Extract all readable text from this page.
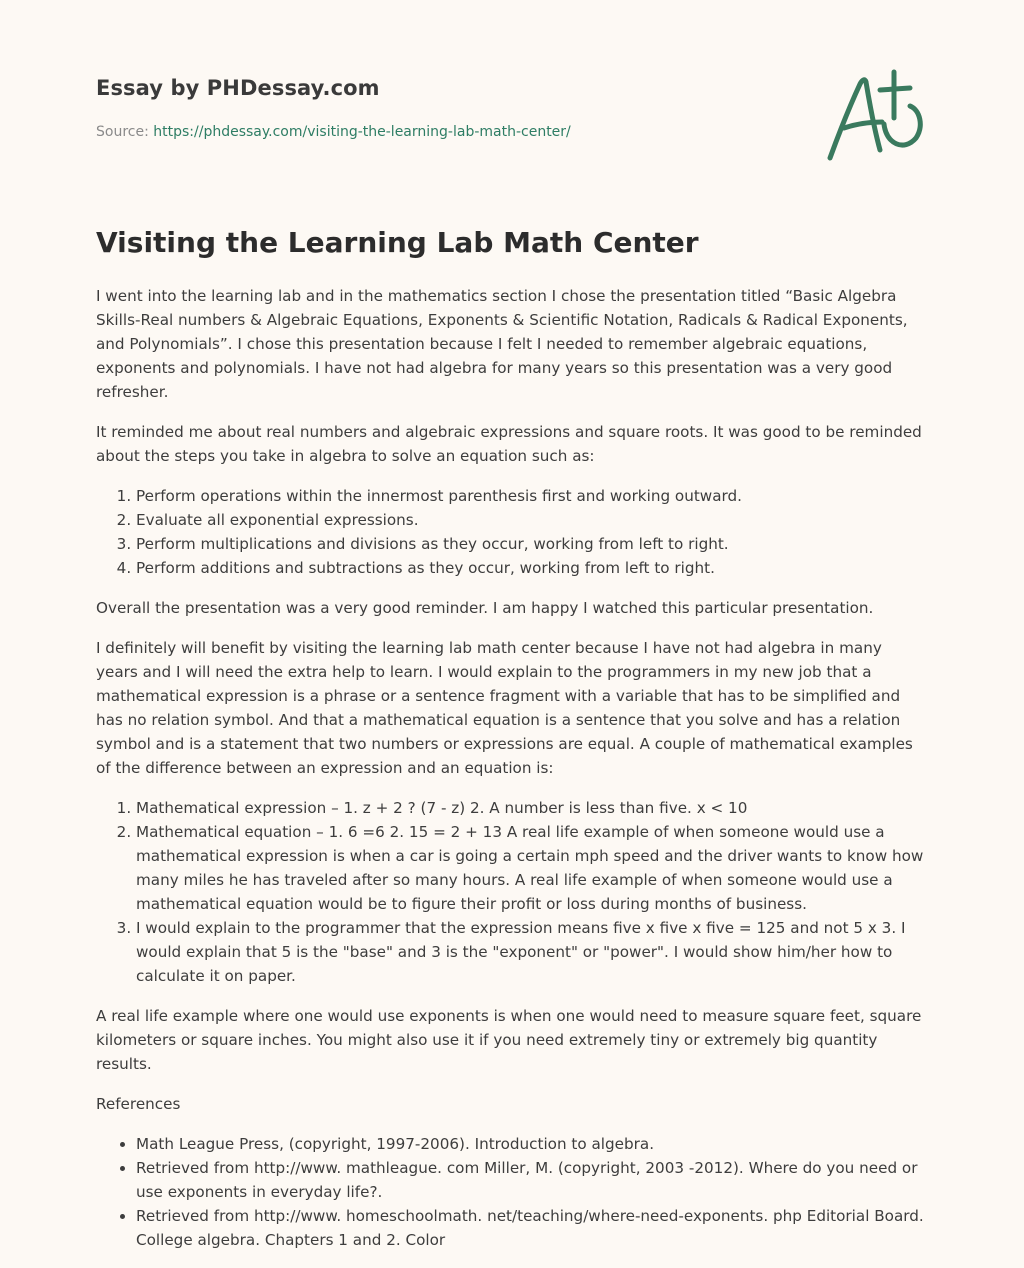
Essay by PHDessay.com
Source: https://phdessay.com/visiting-the-learning-lab-math-center/
Visiting the Learning Lab Math Center

I went into the learning lab and in the mathematics section I chose the presentation titled “Basic Algebra Skills-Real numbers & Algebraic Equations, Exponents & Scientific Notation, Radicals & Radical Exponents, and Polynomials”. I chose this presentation because I felt I needed to remember algebraic equations, exponents and polynomials. I have not had algebra for many years so this presentation was a very good refresher.

It reminded me about real numbers and algebraic expressions and square roots. It was good to be reminded about the steps you take in algebra to solve an equation such as:

1. Perform operations within the innermost parenthesis first and working outward.
2. Evaluate all exponential expressions.
3. Perform multiplications and divisions as they occur, working from left to right.
4. Perform additions and subtractions as they occur, working from left to right.

Overall the presentation was a very good reminder. I am happy I watched this particular presentation.

I definitely will benefit by visiting the learning lab math center because I have not had algebra in many years and I will need the extra help to learn. I would explain to the programmers in my new job that a mathematical expression is a phrase or a sentence fragment with a variable that has to be simplified and has no relation symbol. And that a mathematical equation is a sentence that you solve and has a relation symbol and is a statement that two numbers or expressions are equal. A couple of mathematical examples of the difference between an expression and an equation is:

1. Mathematical expression – 1. z + 2 ? (7 - z) 2. A number is less than five. x < 10
2. Mathematical equation – 1. 6 =6 2. 15 = 2 + 13 A real life example of when someone would use a mathematical expression is when a car is going a certain mph speed and the driver wants to know how many miles he has traveled after so many hours. A real life example of when someone would use a mathematical equation would be to figure their profit or loss during months of business.
3. I would explain to the programmer that the expression means five x five x five = 125 and not 5 x 3. I would explain that 5 is the "base" and 3 is the "exponent" or "power". I would show him/her how to calculate it on paper.

A real life example where one would use exponents is when one would need to measure square feet, square kilometers or square inches. You might also use it if you need extremely tiny or extremely big quantity results.

References

• Math League Press, (copyright, 1997-2006). Introduction to algebra.
• Retrieved from http://www. mathleague. com Miller, M. (copyright, 2003 -2012). Where do you need or use exponents in everyday life?.
• Retrieved from http://www. homeschoolmath. net/teaching/where-need-exponents. php Editorial Board. College algebra. Chapters 1 and 2. Color
